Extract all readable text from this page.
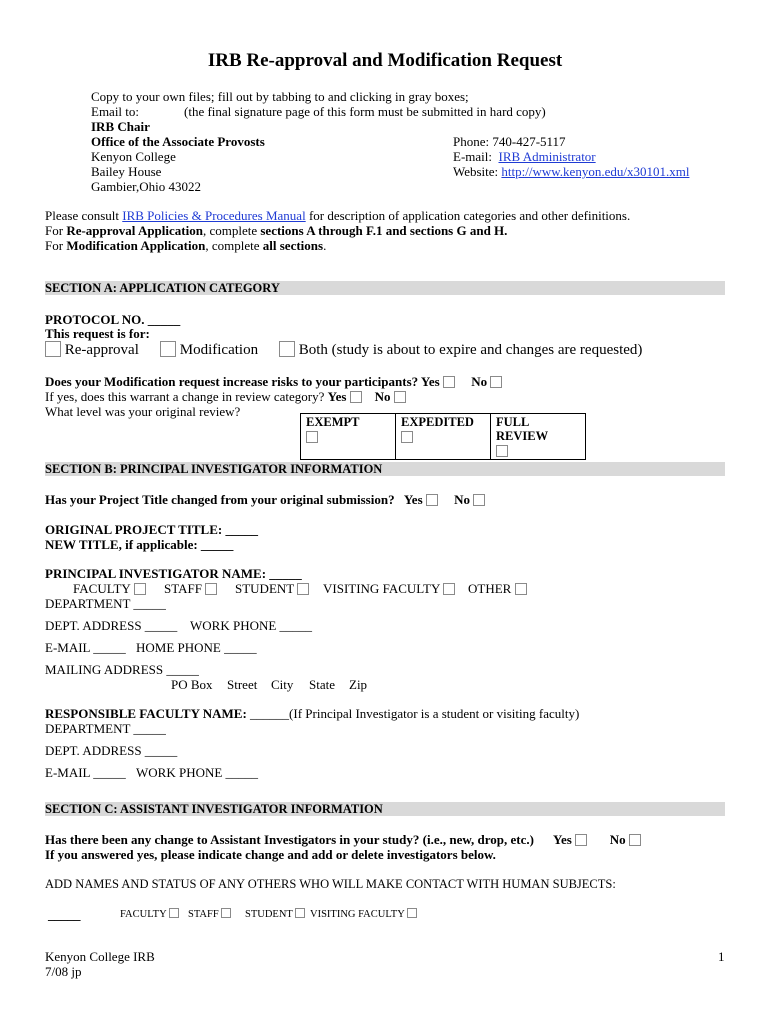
IRB Re-approval and Modification Request
Copy to your own files; fill out by tabbing to and clicking in gray boxes;
Email to:	(the final signature page of this form must be submitted in hard copy)
IRB Chair
Office of the Associate Provosts
Kenyon College
Bailey House
Gambier,Ohio 43022
Phone: 740-427-5117
E-mail: IRB Administrator
Website: http://www.kenyon.edu/x30101.xml
Please consult IRB Policies & Procedures Manual for description of application categories and other definitions.
For Re-approval Application, complete sections A through F.1 and sections G and H.
For Modification Application, complete all sections.
SECTION A: APPLICATION CATEGORY
PROTOCOL NO. _____
This request is for:
Re-approval	Modification	Both (study is about to expire and changes are requested)
Does your Modification request increase risks to your participants? Yes No
If yes, does this warrant a change in review category? Yes No
What level was your original review?
EXEMPT	EXPEDITED	FULL REVIEW
SECTION B: PRINCIPAL INVESTIGATOR INFORMATION
Has your Project Title changed from your original submission? Yes No
ORIGINAL PROJECT TITLE: _____
NEW TITLE, if applicable: _____
PRINCIPAL INVESTIGATOR NAME: _____
FACULTY	STAFF	STUDENT	VISITING FACULTY	OTHER
DEPARTMENT _____
DEPT. ADDRESS _____ WORK PHONE _____
E-MAIL _____ HOME PHONE _____
MAILING ADDRESS _____
PO Box Street City State Zip
RESPONSIBLE FACULTY NAME: ______(If Principal Investigator is a student or visiting faculty)
DEPARTMENT _____
DEPT. ADDRESS _____
E-MAIL _____ WORK PHONE _____
SECTION C: ASSISTANT INVESTIGATOR INFORMATION
Has there been any change to Assistant Investigators in your study? (i.e., new, drop, etc.) Yes	No
If you answered yes, please indicate change and add or delete investigators below.
ADD NAMES AND STATUS OF ANY OTHERS WHO WILL MAKE CONTACT WITH HUMAN SUBJECTS:
_____	FACULTY	STAFF	STUDENT	VISITING FACULTY
Kenyon College IRB
7/08 jp
1
